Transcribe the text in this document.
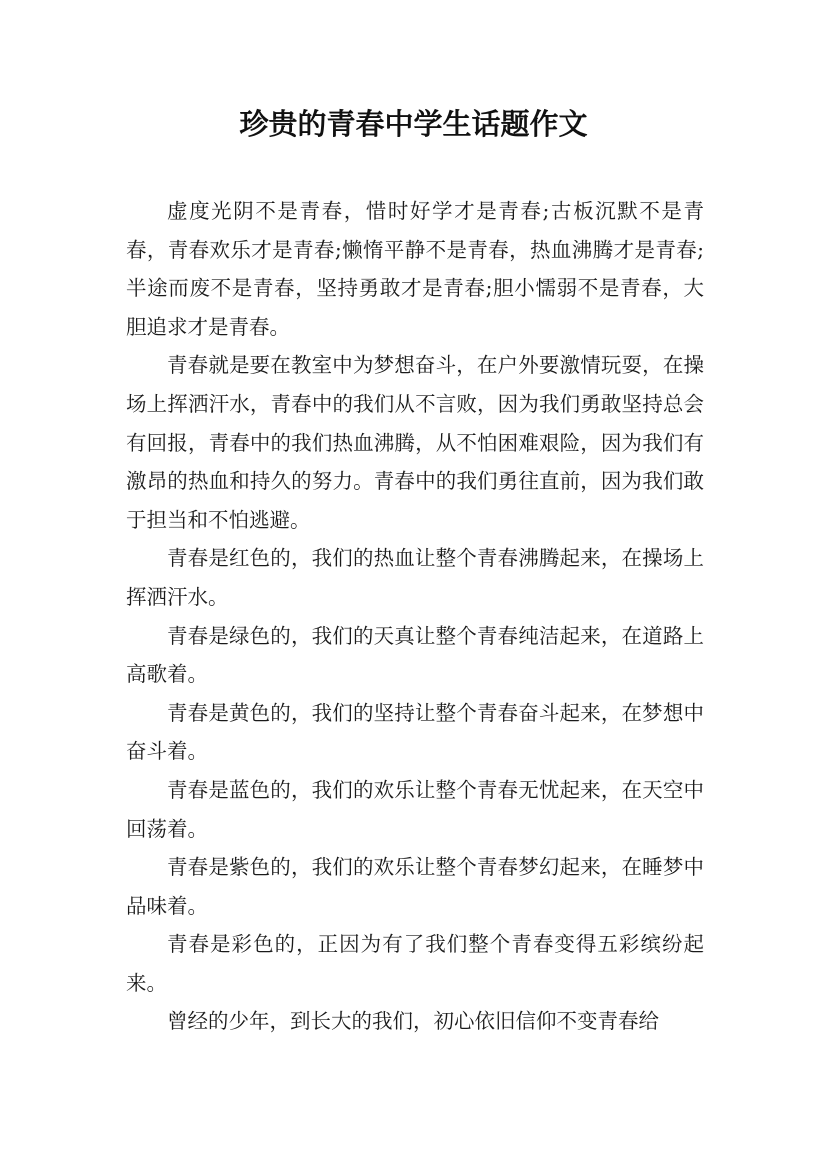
珍贵的青春中学生话题作文

虚度光阴不是青春，惜时好学才是青春;古板沉默不是青春，青春欢乐才是青春;懒惰平静不是青春，热血沸腾才是青春;半途而废不是青春，坚持勇敢才是青春;胆小懦弱不是青春，大胆追求才是青春。

青春就是要在教室中为梦想奋斗，在户外要激情玩耍，在操场上挥洒汗水，青春中的我们从不言败，因为我们勇敢坚持总会有回报，青春中的我们热血沸腾，从不怕困难艰险，因为我们有激昂的热血和持久的努力。青春中的我们勇往直前，因为我们敢于担当和不怕逃避。

青春是红色的，我们的热血让整个青春沸腾起来，在操场上挥洒汗水。

青春是绿色的，我们的天真让整个青春纯洁起来，在道路上高歌着。

青春是黄色的，我们的坚持让整个青春奋斗起来，在梦想中奋斗着。

青春是蓝色的，我们的欢乐让整个青春无忧起来，在天空中回荡着。

青春是紫色的，我们的欢乐让整个青春梦幻起来，在睡梦中品味着。

青春是彩色的，正因为有了我们整个青春变得五彩缤纷起来。

曾经的少年，到长大的我们，初心依旧信仰不变青春给
